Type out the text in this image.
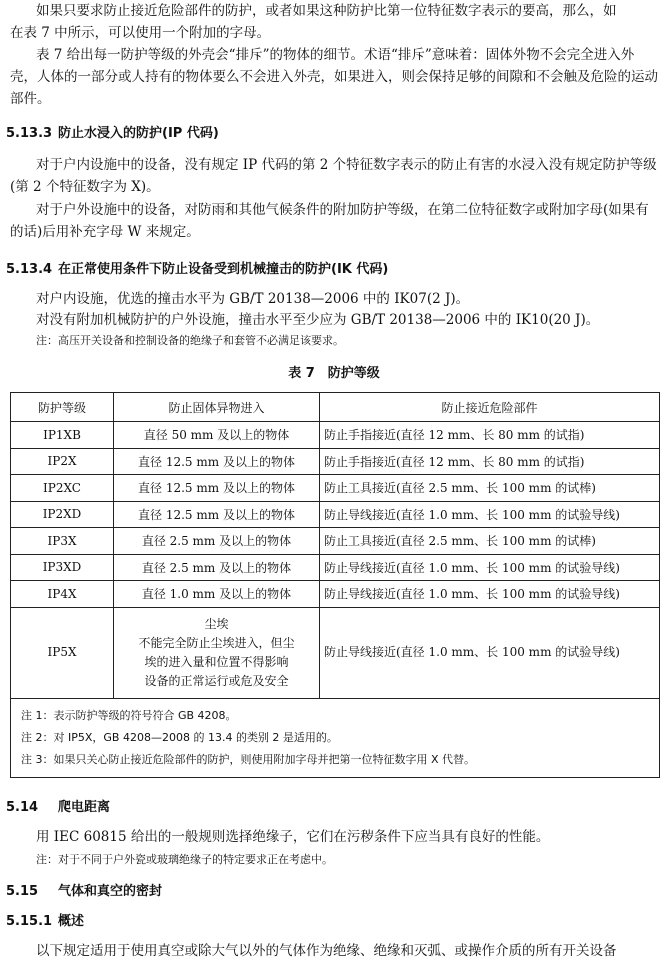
如果只要求防止接近危险部件的防护，或者如果这种防护比第一位特征数字表示的要高，那么，如

在表 7 中所示，可以使用一个附加的字母。

表 7 给出每一防护等级的外壳会“排斥”的物体的细节。术语“排斥”意味着：固体外物不会完全进入外壳，人体的一部分或人持有的物体要么不会进入外壳，如果进入，则会保持足够的间隙和不会触及危险的运动部件。

5.13.3 防止水浸入的防护(IP 代码)

对于户内设施中的设备，没有规定 IP 代码的第 2 个特征数字表示的防止有害的水浸入没有规定防护等级(第 2 个特征数字为 X)。

对于户外设施中的设备，对防雨和其他气候条件的附加防护等级，在第二位特征数字或附加字母(如果有的话)后用补充字母 W 来规定。

5.13.4 在正常使用条件下防止设备受到机械撞击的防护(IK 代码)

对户内设施，优选的撞击水平为 GB/T 20138—2006 中的 IK07(2 J)。

对没有附加机械防护的户外设施，撞击水平至少应为 GB/T 20138—2006 中的 IK10(20 J)。

注：高压开关设备和控制设备的绝缘子和套管不必满足该要求。
表 7　防护等级
防护等级	防止固体异物进入	防止接近危险部件
IP1XB	直径 50 mm 及以上的物体	防止手指接近(直径 12 mm、长 80 mm 的试指)
IP2X	直径 12.5 mm 及以上的物体	防止手指接近(直径 12 mm、长 80 mm 的试指)
IP2XC	直径 12.5 mm 及以上的物体	防止工具接近(直径 2.5 mm、长 100 mm 的试棒)
IP2XD	直径 12.5 mm 及以上的物体	防止导线接近(直径 1.0 mm、长 100 mm 的试验导线)
IP3X	直径 2.5 mm 及以上的物体	防止工具接近(直径 2.5 mm、长 100 mm 的试棒)
IP3XD	直径 2.5 mm 及以上的物体	防止导线接近(直径 1.0 mm、长 100 mm 的试验导线)
IP4X	直径 1.0 mm 及以上的物体	防止导线接近(直径 1.0 mm、长 100 mm 的试验导线)
IP5X	尘埃
不能完全防止尘埃进入，但尘
埃的进入量和位置不得影响
设备的正常运行或危及安全	防止导线接近(直径 1.0 mm、长 100 mm 的试验导线)

注 1：表示防护等级的符号符合 GB 4208。
注 2：对 IP5X，GB 4208—2008 的 13.4 的类别 2 是适用的。
注 3：如果只关心防止接近危险部件的防护，则使用附加字母并把第一位特征数字用 X 代替。		
5.14 爬电距离

用 IEC 60815 给出的一般规则选择绝缘子，它们在污秽条件下应当具有良好的性能。

注：对于不同于户外瓷或玻璃绝缘子的特定要求正在考虑中。
5.15 气体和真空的密封
5.15.1 概述

以下规定适用于使用真空或除大气以外的气体作为绝缘、绝缘和灭弧、或操作介质的所有开关设备
